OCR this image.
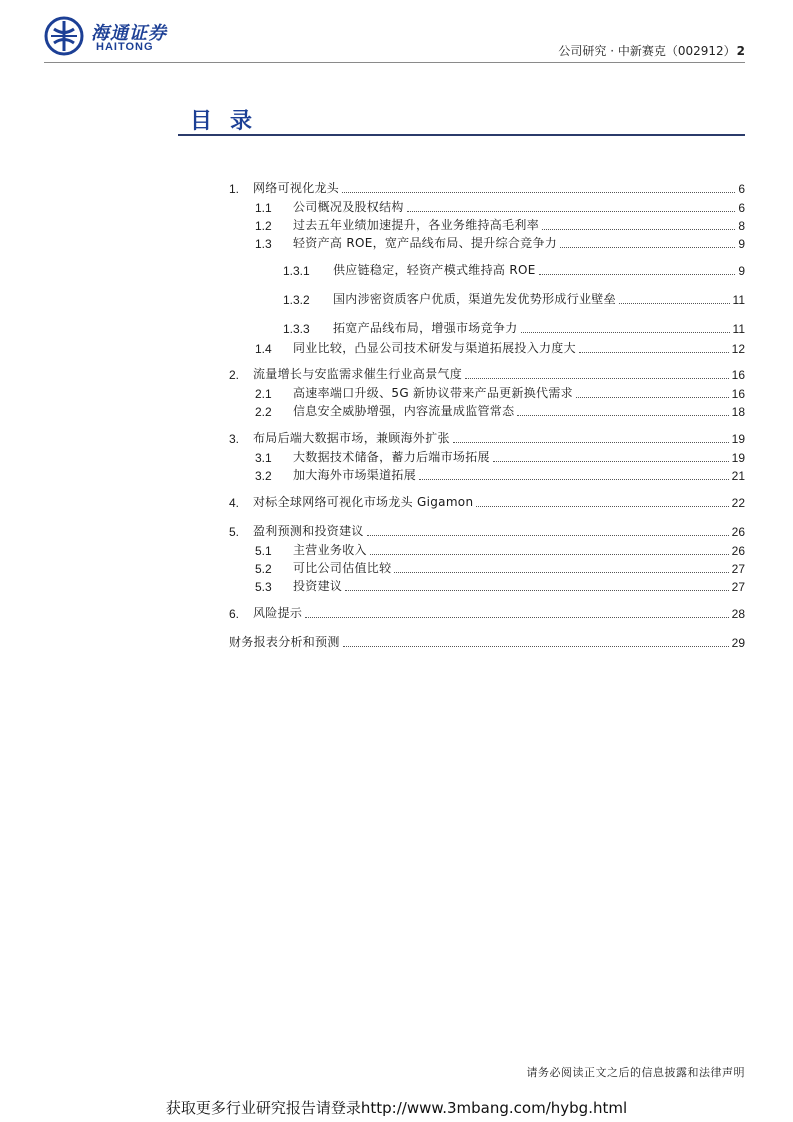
海通证券
HAITONG	公司研究 · 中新赛克（002912）2
目录
1.	网络可视化龙头	6
1.1	公司概况及股权结构	6
1.2	过去五年业绩加速提升，各业务维持高毛利率	8
1.3	轻资产高 ROE，宽产品线布局、提升综合竞争力	9
1.3.1	供应链稳定，轻资产模式维持高 ROE	9
1.3.2	国内涉密资质客户优质，渠道先发优势形成行业壁垒	11
1.3.3	拓宽产品线布局，增强市场竞争力	11
1.4	同业比较，凸显公司技术研发与渠道拓展投入力度大	12
2.	流量增长与安监需求催生行业高景气度	16
2.1	高速率端口升级、5G 新协议带来产品更新换代需求	16
2.2	信息安全威胁增强，内容流量成监管常态	18
3.	布局后端大数据市场，兼顾海外扩张	19
3.1	大数据技术储备，蓄力后端市场拓展	19
3.2	加大海外市场渠道拓展	21
4.	对标全球网络可视化市场龙头 Gigamon	22
5.	盈利预测和投资建议	26
5.1	主营业务收入	26
5.2	可比公司估值比较	27
5.3	投资建议	27
6.	风险提示	28
财务报表分析和预测	29
请务必阅读正文之后的信息披露和法律声明
获取更多行业研究报告请登录http://www.3mbang.com/hybg.html
